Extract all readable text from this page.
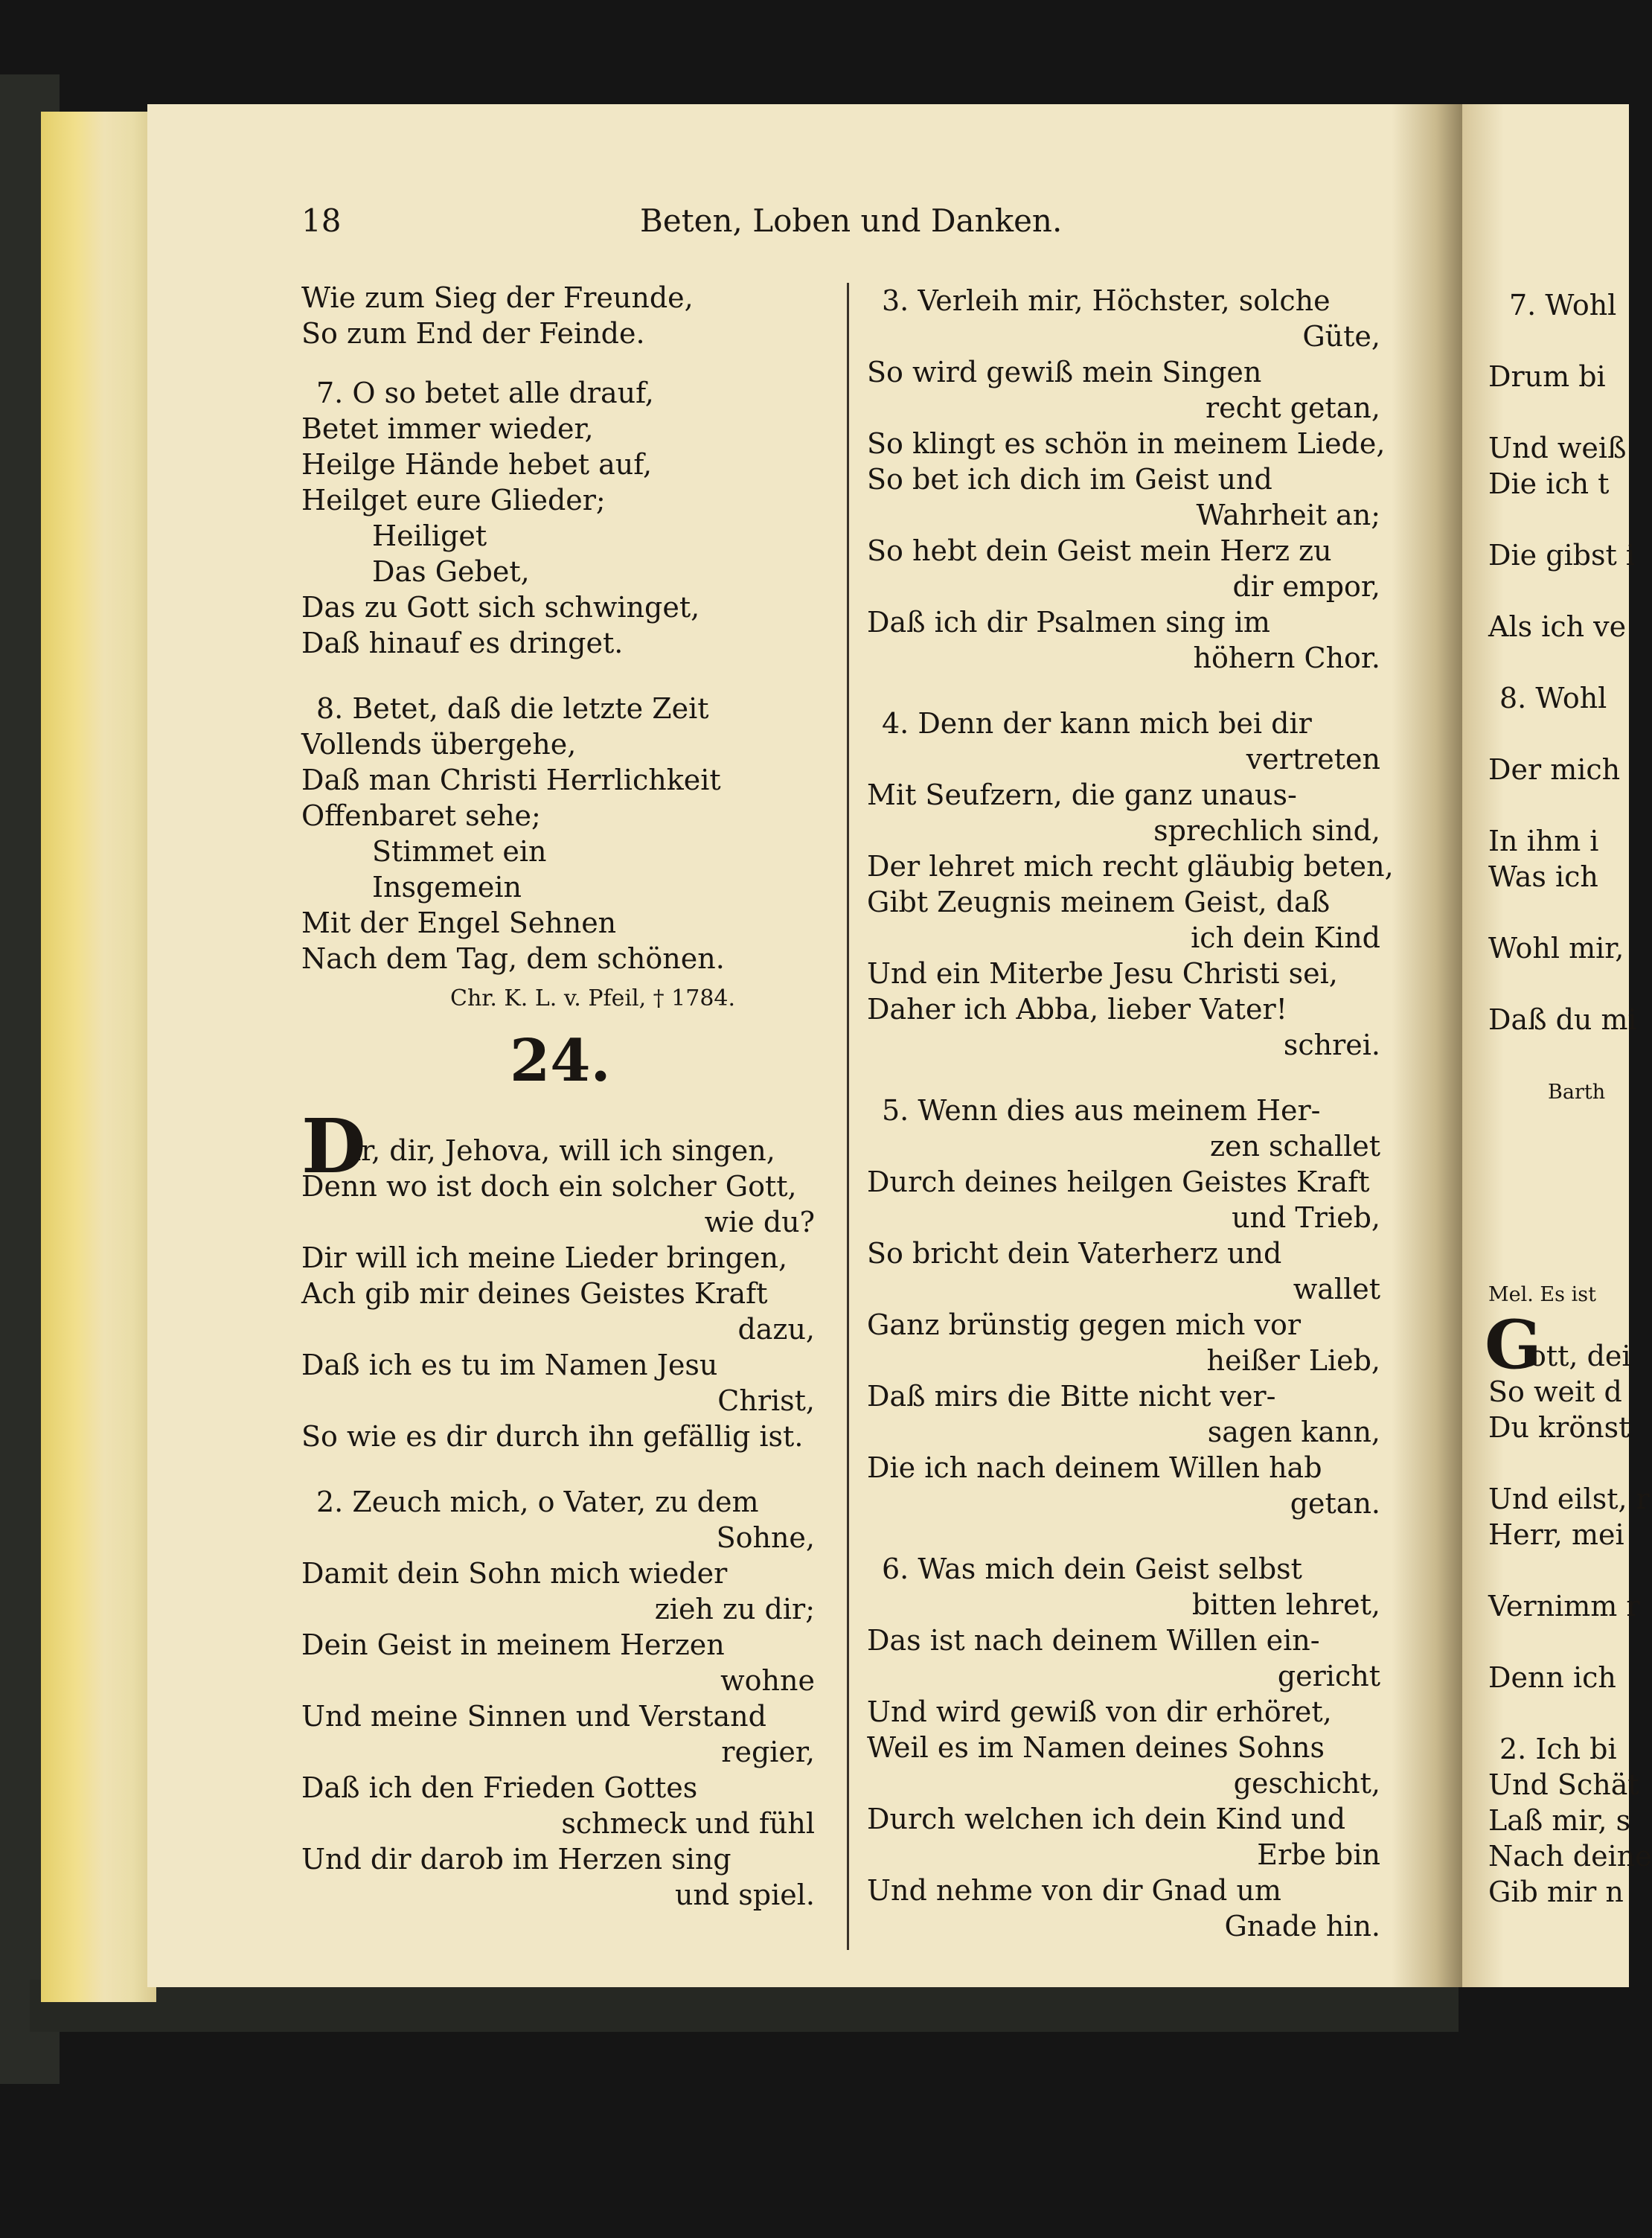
18	Beten, Loben und Danken.
Wie zum Sieg der Freunde,
So zum End der Feinde.
7. O so betet alle drauf,
Betet immer wieder,
Heilge Hände hebet auf,
Heilget eure Glieder;
Heiliget
Das Gebet,
Das zu Gott sich schwinget,
Daß hinauf es dringet.
8. Betet, daß die letzte Zeit
Vollends übergehe,
Daß man Christi Herrlichkeit
Offenbaret sehe;
Stimmet ein
Insgemein
Mit der Engel Sehnen
Nach dem Tag, dem schönen.
Chr. K. L. v. Pfeil, † 1784.
24.
D
ir, dir, Jehova, will ich singen,
Denn wo ist doch ein solcher Gott,
wie du?
Dir will ich meine Lieder bringen,
Ach gib mir deines Geistes Kraft
dazu,
Daß ich es tu im Namen Jesu
Christ,
So wie es dir durch ihn gefällig ist.
2. Zeuch mich, o Vater, zu dem
Sohne,
Damit dein Sohn mich wieder
zieh zu dir;
Dein Geist in meinem Herzen
wohne
Und meine Sinnen und Verstand
regier,
Daß ich den Frieden Gottes
schmeck und fühl
Und dir darob im Herzen sing
und spiel.
3. Verleih mir, Höchster, solche
Güte,
So wird gewiß mein Singen
recht getan,
So klingt es schön in meinem Liede,
So bet ich dich im Geist und
Wahrheit an;
So hebt dein Geist mein Herz zu
dir empor,
Daß ich dir Psalmen sing im
höhern Chor.
4. Denn der kann mich bei dir
vertreten
Mit Seufzern, die ganz unaus-
sprechlich sind,
Der lehret mich recht gläubig beten,
Gibt Zeugnis meinem Geist, daß
ich dein Kind
Und ein Miterbe Jesu Christi sei,
Daher ich Abba, lieber Vater!
schrei.
5. Wenn dies aus meinem Her-
zen schallet
Durch deines heilgen Geistes Kraft
und Trieb,
So bricht dein Vaterherz und
wallet
Ganz brünstig gegen mich vor
heißer Lieb,
Daß mirs die Bitte nicht ver-
sagen kann,
Die ich nach deinem Willen hab
getan.
6. Was mich dein Geist selbst
bitten lehret,
Das ist nach deinem Willen ein-
gericht
Und wird gewiß von dir erhöret,
Weil es im Namen deines Sohns
geschicht,
Durch welchen ich dein Kind und
Erbe bin
Und nehme von dir Gnad um
Gnade hin.
7. Wohl
Drum bi
Und weiß
Die ich t
Die gibst i
Als ich ve
8. Wohl
Der mich
In ihm i
Was ich
Wohl mir,
Daß du mi
Barth
Mel. Es ist
G
ott, dei
So weit d
Du krönst
Und eilst, r
Herr, mei
Vernimm r
Denn ich
2. Ich bi
Und Schät
Laß mir, s
Nach deine
Gib mir n
